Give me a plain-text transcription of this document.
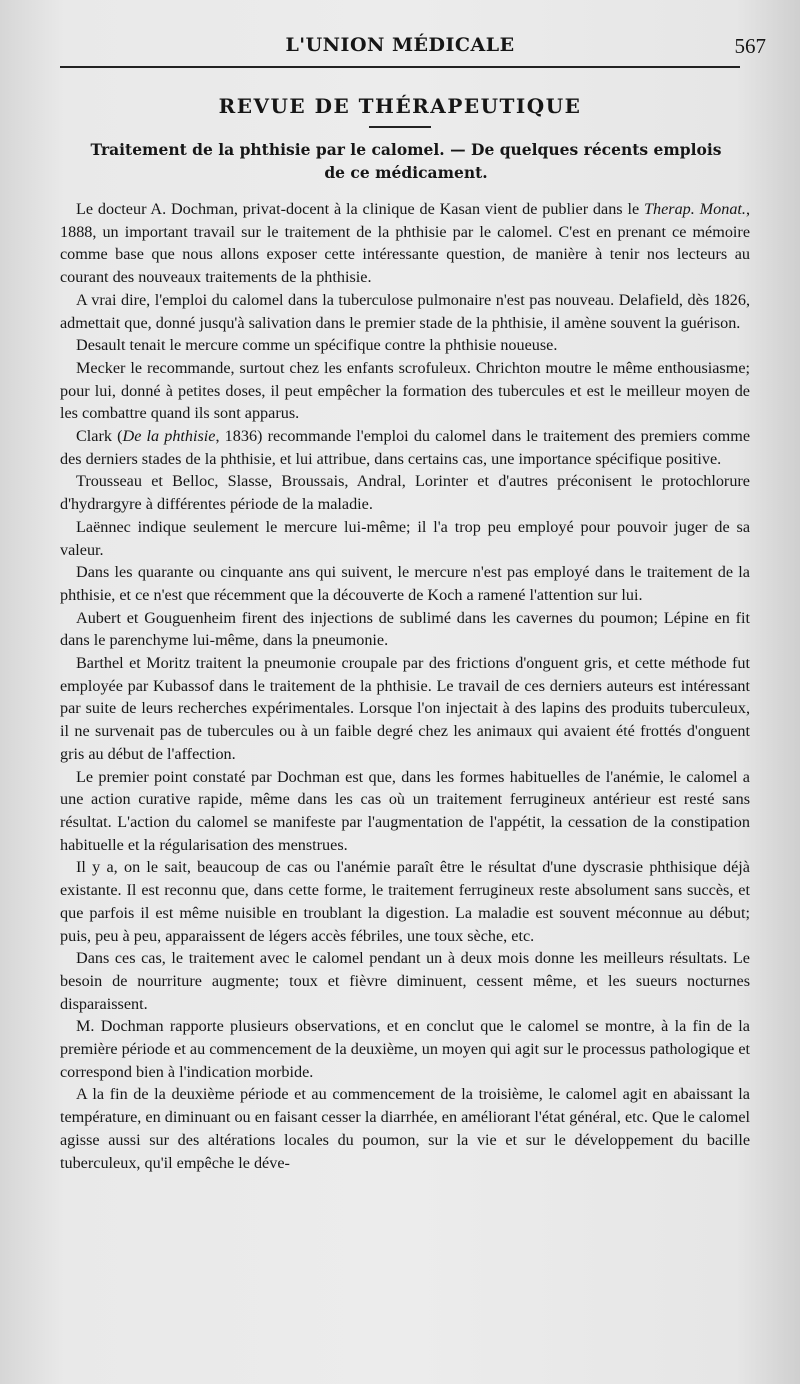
L'UNION MÉDICALE	567
REVUE DE THÉRAPEUTIQUE
Traitement de la phthisie par le calomel. — De quelques récents emplois de ce médicament.

Le docteur A. Dochman, privat-docent à la clinique de Kasan vient de publier dans le Therap. Monat., 1888, un important travail sur le traitement de la phthisie par le calomel. C'est en prenant ce mémoire comme base que nous allons exposer cette intéressante question, de manière à tenir nos lecteurs au courant des nouveaux traitements de la phthisie.

A vrai dire, l'emploi du calomel dans la tuberculose pulmonaire n'est pas nouveau. Delafield, dès 1826, admettait que, donné jusqu'à salivation dans le premier stade de la phthisie, il amène souvent la guérison.

Desault tenait le mercure comme un spécifique contre la phthisie noueuse.

Mecker le recommande, surtout chez les enfants scrofuleux. Chrichton moutre le même enthousiasme; pour lui, donné à petites doses, il peut empêcher la formation des tubercules et est le meilleur moyen de les combattre quand ils sont apparus.

Clark (De la phthisie, 1836) recommande l'emploi du calomel dans le traitement des premiers comme des derniers stades de la phthisie, et lui attribue, dans certains cas, une importance spécifique positive.

Trousseau et Belloc, Slasse, Broussais, Andral, Lorinter et d'autres préconisent le protochlorure d'hydrargyre à différentes période de la maladie.

Laënnec indique seulement le mercure lui-même; il l'a trop peu employé pour pouvoir juger de sa valeur.

Dans les quarante ou cinquante ans qui suivent, le mercure n'est pas employé dans le traitement de la phthisie, et ce n'est que récemment que la découverte de Koch a ramené l'attention sur lui.

Aubert et Gouguenheim firent des injections de sublimé dans les cavernes du poumon; Lépine en fit dans le parenchyme lui-même, dans la pneumonie.

Barthel et Moritz traitent la pneumonie croupale par des frictions d'onguent gris, et cette méthode fut employée par Kubassof dans le traitement de la phthisie. Le travail de ces derniers auteurs est intéressant par suite de leurs recherches expérimentales. Lorsque l'on injectait à des lapins des produits tuberculeux, il ne survenait pas de tubercules ou à un faible degré chez les animaux qui avaient été frottés d'onguent gris au début de l'affection.

Le premier point constaté par Dochman est que, dans les formes habituelles de l'anémie, le calomel a une action curative rapide, même dans les cas où un traitement ferrugineux antérieur est resté sans résultat. L'action du calomel se manifeste par l'augmentation de l'appétit, la cessation de la constipation habituelle et la régularisation des menstrues.

Il y a, on le sait, beaucoup de cas ou l'anémie paraît être le résultat d'une dyscrasie phthisique déjà existante. Il est reconnu que, dans cette forme, le traitement ferrugineux reste absolument sans succès, et que parfois il est même nuisible en troublant la digestion. La maladie est souvent méconnue au début; puis, peu à peu, apparaissent de légers accès fébriles, une toux sèche, etc.

Dans ces cas, le traitement avec le calomel pendant un à deux mois donne les meilleurs résultats. Le besoin de nourriture augmente; toux et fièvre diminuent, cessent même, et les sueurs nocturnes disparaissent.

M. Dochman rapporte plusieurs observations, et en conclut que le calomel se montre, à la fin de la première période et au commencement de la deuxième, un moyen qui agit sur le processus pathologique et correspond bien à l'indication morbide.

A la fin de la deuxième période et au commencement de la troisième, le calomel agit en abaissant la température, en diminuant ou en faisant cesser la diarrhée, en améliorant l'état général, etc. Que le calomel agisse aussi sur des altérations locales du poumon, sur la vie et sur le développement du bacille tuberculeux, qu'il empêche le déve-
